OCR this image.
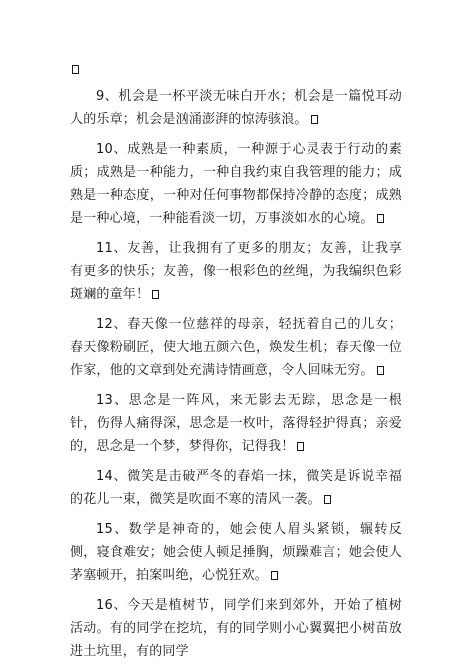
9、机会是一杯平淡无味白开水；机会是一篇悦耳动人的乐章；机会是汹涌澎湃的惊涛骇浪。

10、成熟是一种素质，一种源于心灵表于行动的素质；成熟是一种能力，一种自我约束自我管理的能力；成熟是一种态度，一种对任何事物都保持冷静的态度；成熟是一种心境，一种能看淡一切，万事淡如水的心境。

11、友善，让我拥有了更多的朋友；友善，让我享有更多的快乐；友善，像一根彩色的丝绳，为我编织色彩斑斓的童年！

12、春天像一位慈祥的母亲，轻抚着自己的儿女；春天像粉刷匠，使大地五颜六色，焕发生机；春天像一位作家，他的文章到处充满诗情画意，令人回味无穷。

13、思念是一阵风，来无影去无踪，思念是一根针，伤得人痛得深，思念是一枚叶，落得轻护得真；亲爱的，思念是一个梦，梦得你，记得我！

14、微笑是击破严冬的春焰一抹，微笑是诉说幸福的花儿一束，微笑是吹面不寒的清风一袭。

15、数学是神奇的，她会使人眉头紧锁，辗转反侧，寝食难安；她会使人顿足捶胸，烦躁难言；她会使人茅塞顿开，拍案叫绝，心悦狂欢。

16、今天是植树节，同学们来到郊外，开始了植树活动。有的同学在挖坑，有的同学则小心翼翼把小树苗放进土坑里，有的同学
